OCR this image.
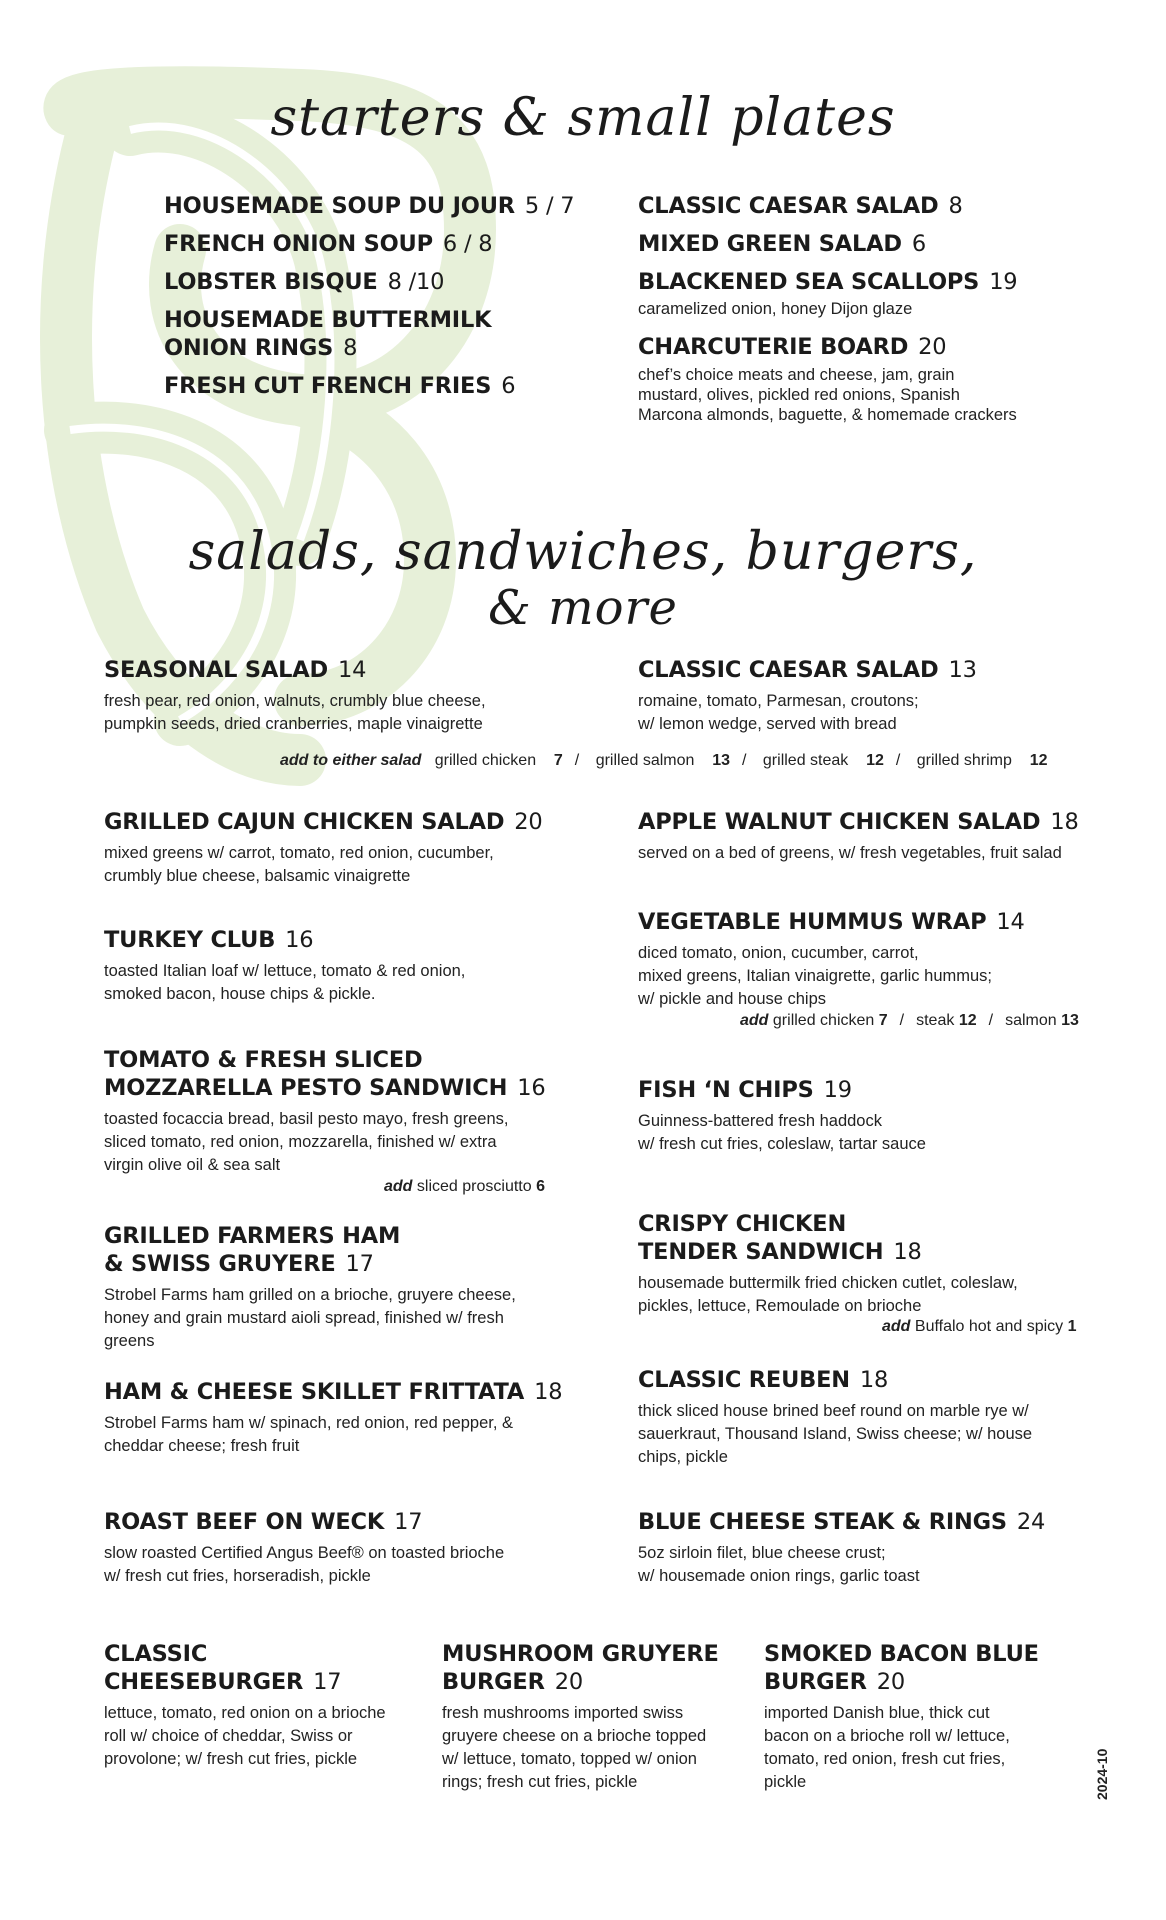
starters & small plates
HOUSEMADE SOUP DU JOUR 5 / 7
FRENCH ONION SOUP 6 / 8
LOBSTER BISQUE 8 /10
HOUSEMADE BUTTERMILK
ONION RINGS 8
FRESH CUT FRENCH FRIES 6
CLASSIC CAESAR SALAD 8
MIXED GREEN SALAD 6
BLACKENED SEA SCALLOPS 19
caramelized onion, honey Dijon glaze
CHARCUTERIE BOARD 20
chef’s choice meats and cheese, jam, grain
mustard, olives, pickled red onions, Spanish
Marcona almonds, baguette, & homemade crackers
salads, sandwiches, burgers,
& more
SEASONAL SALAD 14
fresh pear, red onion, walnuts, crumbly blue cheese,
pumpkin seeds, dried cranberries, maple vinaigrette
add to either salad grilled chicken 7 / grilled salmon 13 / grilled steak 12 / grilled shrimp 12
GRILLED CAJUN CHICKEN SALAD 20
mixed greens w/ carrot, tomato, red onion, cucumber,
crumbly blue cheese, balsamic vinaigrette
TURKEY CLUB 16
toasted Italian loaf w/ lettuce, tomato & red onion,
smoked bacon, house chips & pickle.
TOMATO & FRESH SLICED
MOZZARELLA PESTO SANDWICH 16
toasted focaccia bread, basil pesto mayo, fresh greens,
sliced tomato, red onion, mozzarella, finished w/ extra
virgin olive oil & sea salt
add sliced prosciutto 6
GRILLED FARMERS HAM
& SWISS GRUYERE 17
Strobel Farms ham grilled on a brioche, gruyere cheese,
honey and grain mustard aioli spread, finished w/ fresh
greens
HAM & CHEESE SKILLET FRITTATA 18
Strobel Farms ham w/ spinach, red onion, red pepper, &
cheddar cheese; fresh fruit
ROAST BEEF ON WECK 17
slow roasted Certified Angus Beef® on toasted brioche
w/ fresh cut fries, horseradish, pickle
CLASSIC CAESAR SALAD 13
romaine, tomato, Parmesan, croutons;
w/ lemon wedge, served with bread
APPLE WALNUT CHICKEN SALAD 18
served on a bed of greens, w/ fresh vegetables, fruit salad
VEGETABLE HUMMUS WRAP 14
diced tomato, onion, cucumber, carrot,
mixed greens, Italian vinaigrette, garlic hummus;
w/ pickle and house chips
add grilled chicken 7 / steak 12 / salmon 13
FISH ‘N CHIPS 19
Guinness-battered fresh haddock
w/ fresh cut fries, coleslaw, tartar sauce
CRISPY CHICKEN
TENDER SANDWICH 18
housemade buttermilk fried chicken cutlet, coleslaw,
pickles, lettuce, Remoulade on brioche
add Buffalo hot and spicy 1
CLASSIC REUBEN 18
thick sliced house brined beef round on marble rye w/
sauerkraut, Thousand Island, Swiss cheese; w/ house
chips, pickle
BLUE CHEESE STEAK & RINGS 24
5oz sirloin filet, blue cheese crust;
w/ housemade onion rings, garlic toast
CLASSIC
CHEESEBURGER 17
lettuce, tomato, red onion on a brioche
roll w/ choice of cheddar, Swiss or
provolone; w/ fresh cut fries, pickle
MUSHROOM GRUYERE
BURGER 20
fresh mushrooms imported swiss
gruyere cheese on a brioche topped
w/ lettuce, tomato, topped w/ onion
rings; fresh cut fries, pickle
SMOKED BACON BLUE
BURGER 20
imported Danish blue, thick cut
bacon on a brioche roll w/ lettuce,
tomato, red onion, fresh cut fries,
pickle	2024-10
